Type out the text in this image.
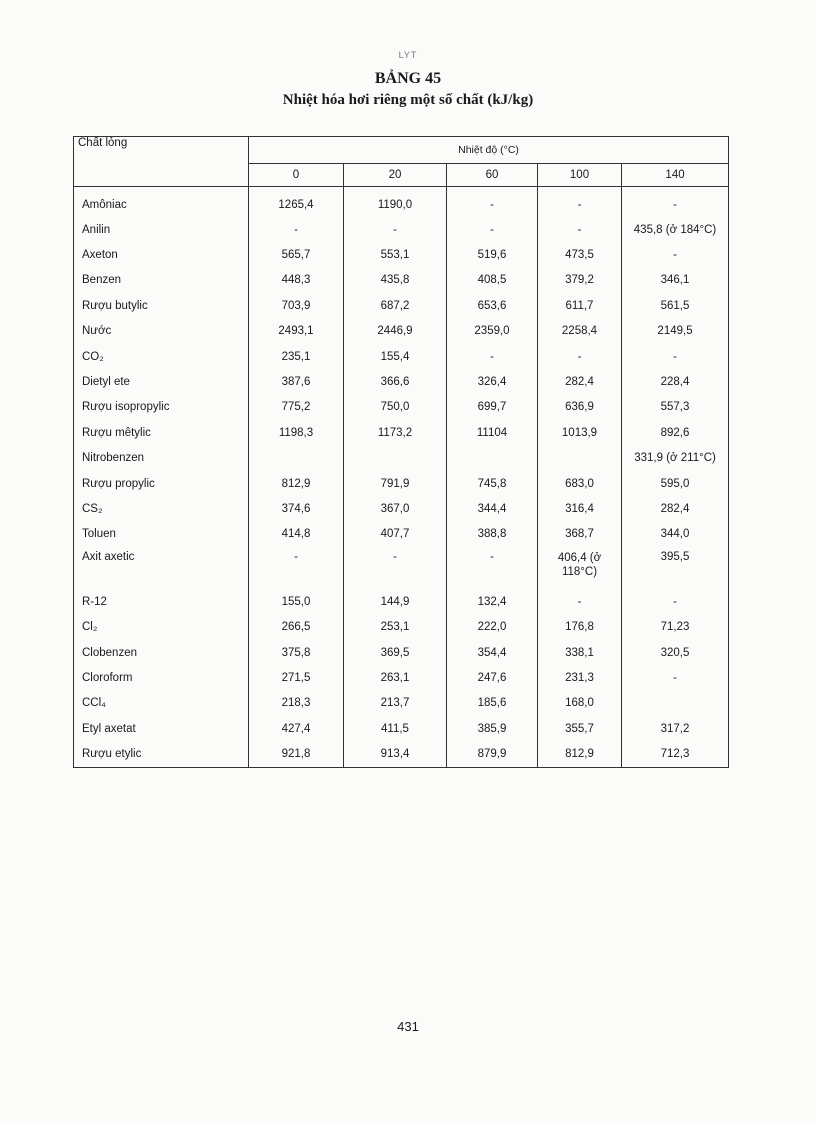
LYT
BẢNG 45
Nhiệt hóa hơi riêng một số chất (kJ/kg)
Chất lỏng	Nhiệt độ (°C)				
	0	20	60	100	140
Amôniac	1265,4	1190,0	-	-	-
Anilin	-	-	-	-	435,8 (ở 184°C)
Axeton	565,7	553,1	519,6	473,5	-
Benzen	448,3	435,8	408,5	379,2	346,1
Rượu butylic	703,9	687,2	653,6	611,7	561,5
Nước	2493,1	2446,9	2359,0	2258,4	2149,5
CO₂	235,1	155,4	-	-	-
Dietyl ete	387,6	366,6	326,4	282,4	228,4
Rượu isopropylic	775,2	750,0	699,7	636,9	557,3
Rượu mêtylic	1198,3	1173,2	11104	1013,9	892,6
Nitrobenzen					331,9 (ở 211°C)
Rượu propylic	812,9	791,9	745,8	683,0	595,0
CS₂	374,6	367,0	344,4	316,4	282,4
Toluen	414,8	407,7	388,8	368,7	344,0
Axit axetic	-	-	-	406,4 (ở 118°C)	395,5
R-12	155,0	144,9	132,4	-	-
Cl₂	266,5	253,1	222,0	176,8	71,23
Clobenzen	375,8	369,5	354,4	338,1	320,5
Cloroform	271,5	263,1	247,6	231,3	-
CCl₄	218,3	213,7	185,6	168,0	
Etyl axetat	427,4	411,5	385,9	355,7	317,2
Rượu etylic	921,8	913,4	879,9	812,9	712,3
431
